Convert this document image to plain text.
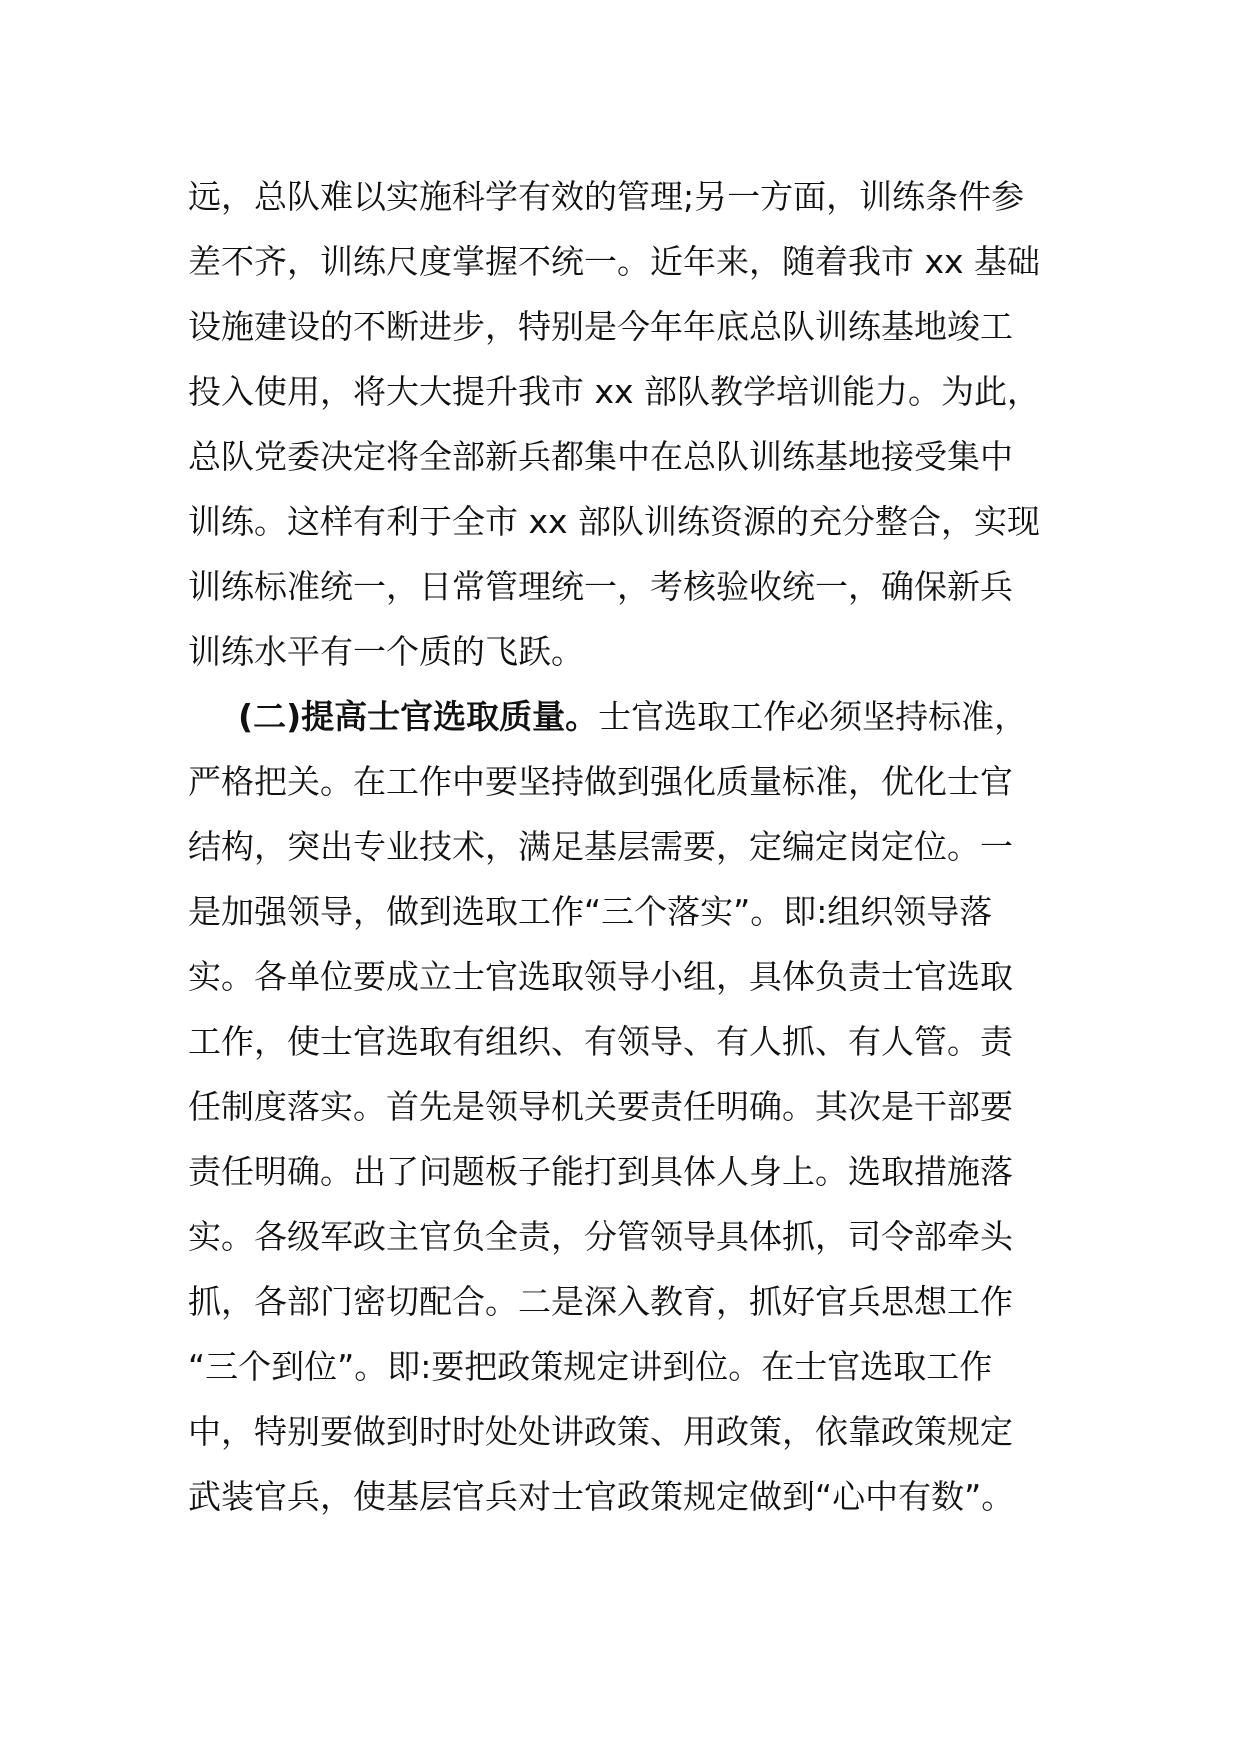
远，总队难以实施科学有效的管理;另一方面，训练条件参
差不齐，训练尺度掌握不统一。近年来，随着我市 xx 基础
设施建设的不断进步，特别是今年年底总队训练基地竣工
投入使用，将大大提升我市 xx 部队教学培训能力。为此，
总队党委决定将全部新兵都集中在总队训练基地接受集中
训练。这样有利于全市 xx 部队训练资源的充分整合，实现
训练标准统一，日常管理统一，考核验收统一，确保新兵
训练水平有一个质的飞跃。
(二)提高士官选取质量。士官选取工作必须坚持标准，
严格把关。在工作中要坚持做到强化质量标准，优化士官
结构，突出专业技术，满足基层需要，定编定岗定位。一
是加强领导，做到选取工作“三个落实”。即:组织领导落
实。各单位要成立士官选取领导小组，具体负责士官选取
工作，使士官选取有组织、有领导、有人抓、有人管。责
任制度落实。首先是领导机关要责任明确。其次是干部要
责任明确。出了问题板子能打到具体人身上。选取措施落
实。各级军政主官负全责，分管领导具体抓，司令部牵头
抓，各部门密切配合。二是深入教育，抓好官兵思想工作
“三个到位”。即:要把政策规定讲到位。在士官选取工作
中，特别要做到时时处处讲政策、用政策，依靠政策规定
武装官兵，使基层官兵对士官政策规定做到“心中有数”。
